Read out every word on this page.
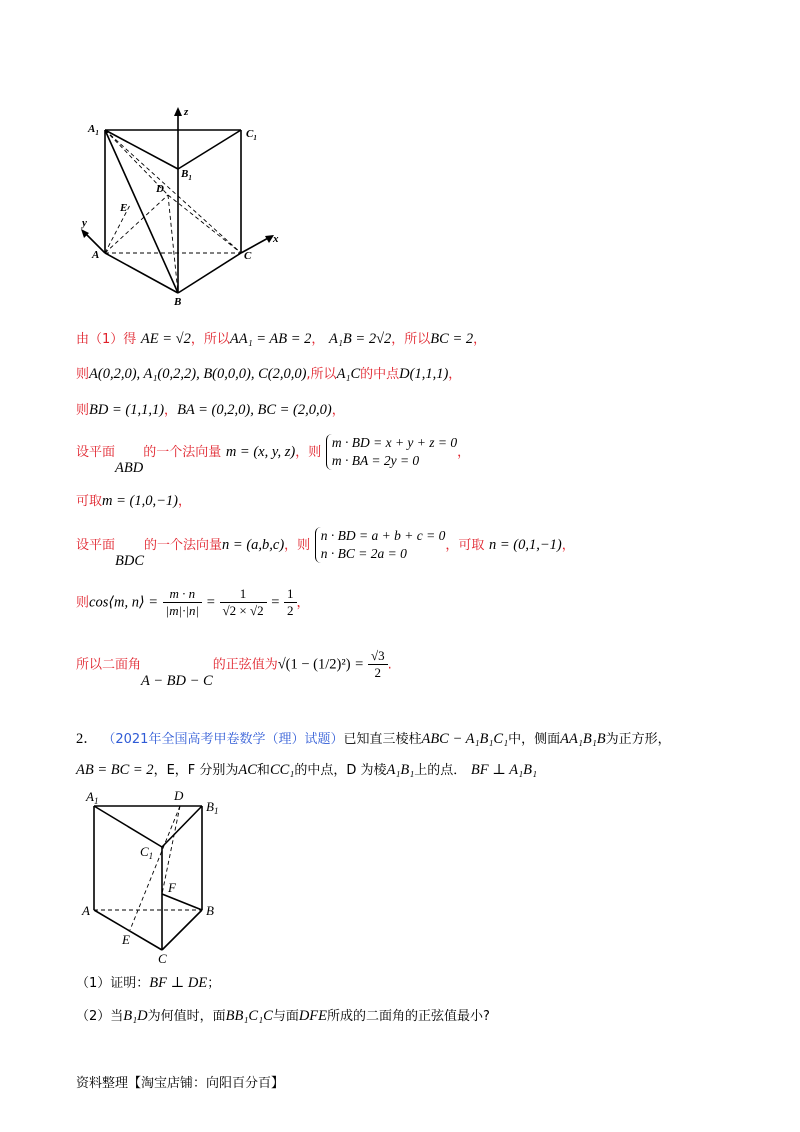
$A_1$	$C_1$
$B_1$
D
E
A	C
B
x
y
z
由（1）得 AE = √2，所以AA₁ = AB = 2， A₁B = 2√2，所以BC = 2，
则A(0,2,0), A₁(0,2,2), B(0,0,0), C(2,0,0),所以A₁C的中点D(1,1,1)，
则BD = (1,1,1)，BA = (0,2,0), BC = (2,0,0)，
设平面ABD的一个法向量 m = (x, y, z)，则 m · BD = x + y + z = 0
m · BA = 2y = 0，
可取m = (1,0,−1)，
设平面BDC的一个法向量n = (a,b,c)，则 n · BD = a + b + c = 0
n · BC = 2a = 0，可取 n = (0,1,−1)，
则cos⟨m, n⟩ = $\frac{m \cdot n}{|m|\cdot|n|} = \frac{1}{√2 \times √2} = \frac{1}{2}$ ，
所以二面角A − BD − C的正弦值为$√(1 - (1/2)^2) = \frac{√3}{2}$ .
2． （2021年全国高考甲卷数学（理）试题）已知直三棱柱ABC − A₁B₁C₁中，侧面AA₁B₁B为正方形，
AB = BC = 2，E，F 分别为AC和CC₁的中点，D 为棱A₁B₁上的点． BF ⊥ A₁B₁
$A_1$	D
$B_1$
$C_1$
F
A	B
E
C
（1）证明：BF ⊥ DE；
（2）当B₁D为何值时，面BB₁C₁C与面DFE所成的二面角的正弦值最小?
资料整理【淘宝店铺：向阳百分百】
